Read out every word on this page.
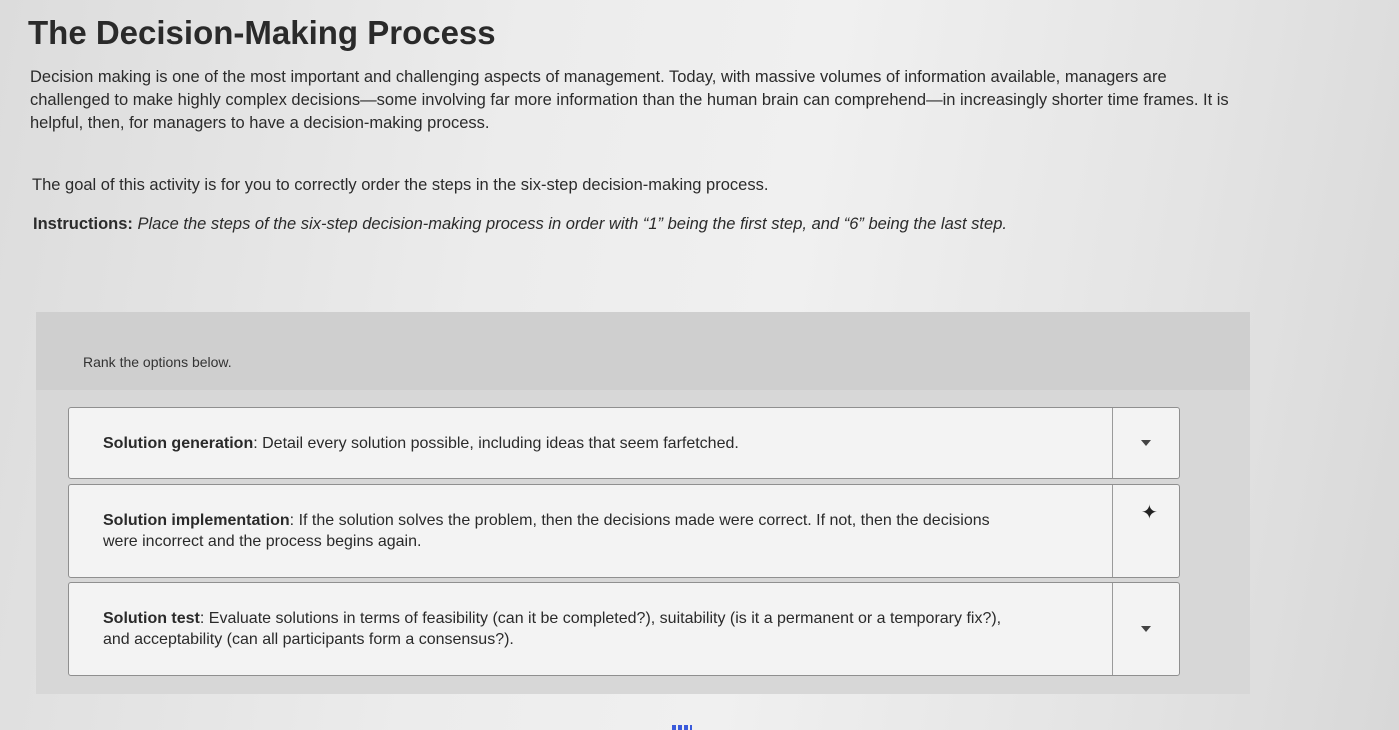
The Decision-Making Process

Decision making is one of the most important and challenging aspects of management. Today, with massive volumes of information available, managers are challenged to make highly complex decisions—some involving far more information than the human brain can comprehend—in increasingly shorter time frames. It is helpful, then, for managers to have a decision-making process.

The goal of this activity is for you to correctly order the steps in the six-step decision-making process.

Instructions: Place the steps of the six-step decision-making process in order with “1” being the first step, and “6” being the last step.

Rank the options below.
Solution generation: Detail every solution possible, including ideas that seem farfetched.
Solution implementation: If the solution solves the problem, then the decisions made were correct. If not, then the decisions were incorrect and the process begins again.
Solution test: Evaluate solutions in terms of feasibility (can it be completed?), suitability (is it a permanent or a temporary fix?), and acceptability (can all participants form a consensus?).
✦
